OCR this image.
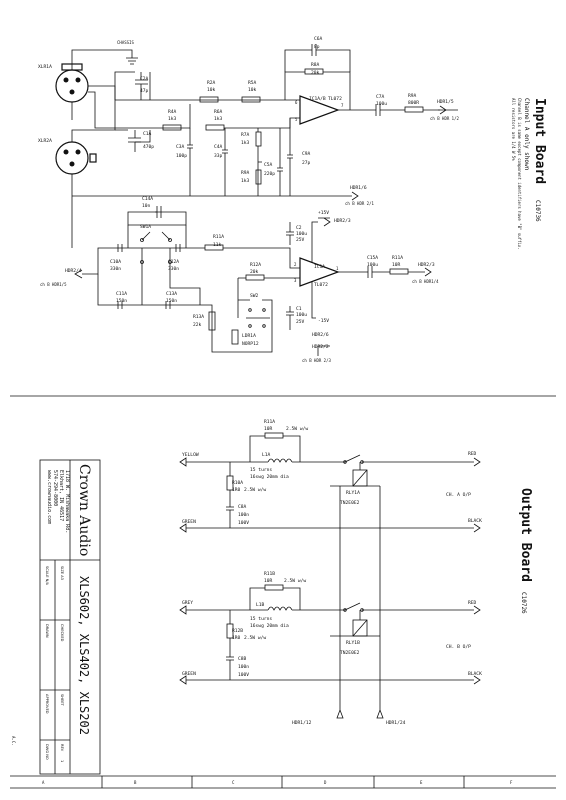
XLR1A
XLR2A
CHASSIS
C2A
47p
C1A
470p
R2A
10k
R5A
10k
R4A
1k3
R6A
1k3
R8A
20k
C6A
8p
IC1A/B TL072
6
5
7
C3A
100p
C4A
33p
R7A
1k3
R9A
1k3
C5A
220p
C9A
27p
C7A
100u
R9A
800R	HDR1/5
ch B HDR 1/2
HDR1/6
ch B HDR 2/1
Input Board
C10736
Channel A only shown
Channel B is same except component identifiers have "B" suffix.
All resistors are 1/4 W 5%
HDR2/4
ch B HDR1/5
C14A
10n
SW1A
C10A
330n
C12A
330n
C11A
150n
C13A
150n
R13A
22k
R11A
11k
R12A
20k
IC1A
TL072
2
3
1
+15V
-15V
HDR2/3
C2
100u
25V
C1
100u
25V
HDR2/6
HDR2/2
ch B HDR 2/3
C15A
100u
R11A
10R	HDR2/3
ch B HDR1/4
SW2
LDR1A
NORP12
YELLOW
R11A
10R	2.5W w/w
L1A
15 turns
16swg 20mm dia
R10A
1R0 2.5W w/w
C8A
100n
100V
GREEN
RED
BLACK
RLY1A
TN2E0E2
CH. A O/P
GREY
R11B
10R	2.5W w/w
L1B
15 turns
16swg 20mm dia
R12B
1R0 2.5W w/w
C8B
100n
100V
GREEN
RED
BLACK
RLY1B
TN2E0E2
CH. B O/P
HDR1/12	HDR1/24
Output Board
C10726
Crown Audio
1718 W. Mishawaka Rd.
Elkhart, IN 46517
574-294-8000
www.crownaudio.com
XLS602, XLS402, XLS202
SCALE N/A	SIZE A3
DRAWN	CHECKED
APPROVED	SHEET
DWG NO	REV
1
A.C.
A	B	C	D	E	F
